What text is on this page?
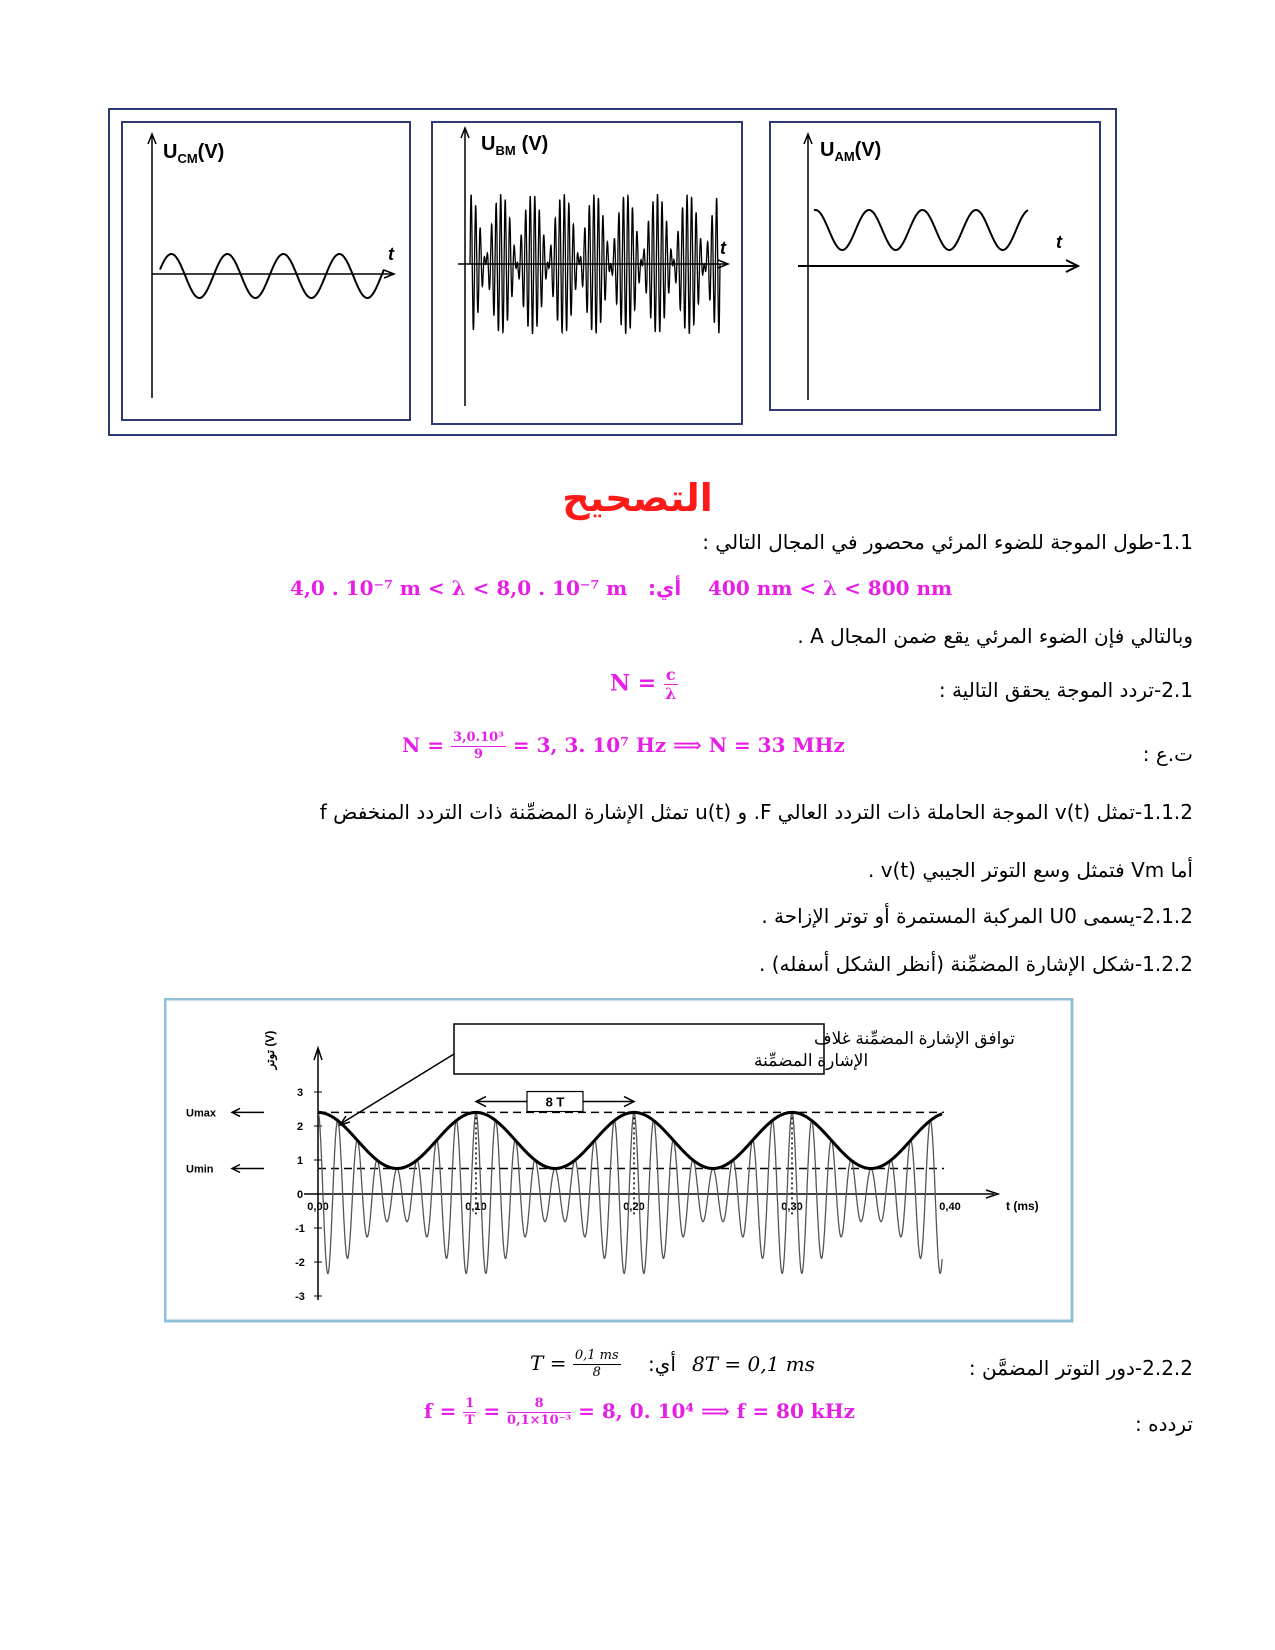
$U_{CM}(V)$
t
$U_{BM}$ (V)
t
$U_{AM}(V)$
t
التصحيح
1.1-طول الموجة للضوء المرئي محصور في المجال التالي :
4,0 . 10⁻⁷ m < λ < 8,0 . 10⁻⁷ m أي: 400 nm < λ < 800 nm
وبالتالي فإن الضوء المرئي يقع ضمن المجال A .
2.1-تردد الموجة يحقق التالية :
$N = \frac{c}{\lambda}$
ت.ع :
$N = \frac{\text{3,0.10³}}{9} = 3$, 3. 10⁷ Hz ⟹ N = 33 MHz
1.1.2-تمثل v(t) الموجة الحاملة ذات التردد العالي F. و u(t) تمثل الإشارة المضمِّنة ذات التردد المنخفض f
أما Vm فتمثل وسع التوتر الجيبي v(t) .
2.1.2-يسمى U0 المركبة المستمرة أو توتر الإزاحة .
1.2.2-شكل الإشارة المضمِّنة (أنظر الشكل أسفله) .
3
2
1
0
-1
-2
-3
0,00	0,10	0,20	0,30	0,40
Umax
Umin
8 T
توافق الإشارة المضمِّنة غلاف
الإشارة المضمِّنة
توتر (V)
t (ms)
2.2.2-دور التوتر المضمَّن :
$T = \frac{0,1 ms}{8}$ أي: 8T = 0,1 ms
تردده :
$f = \frac{1}{T} = \frac{8}{\text{0,1×10⁻³}} = 8$, 0. 10⁴ ⟹ f = 80 kHz
